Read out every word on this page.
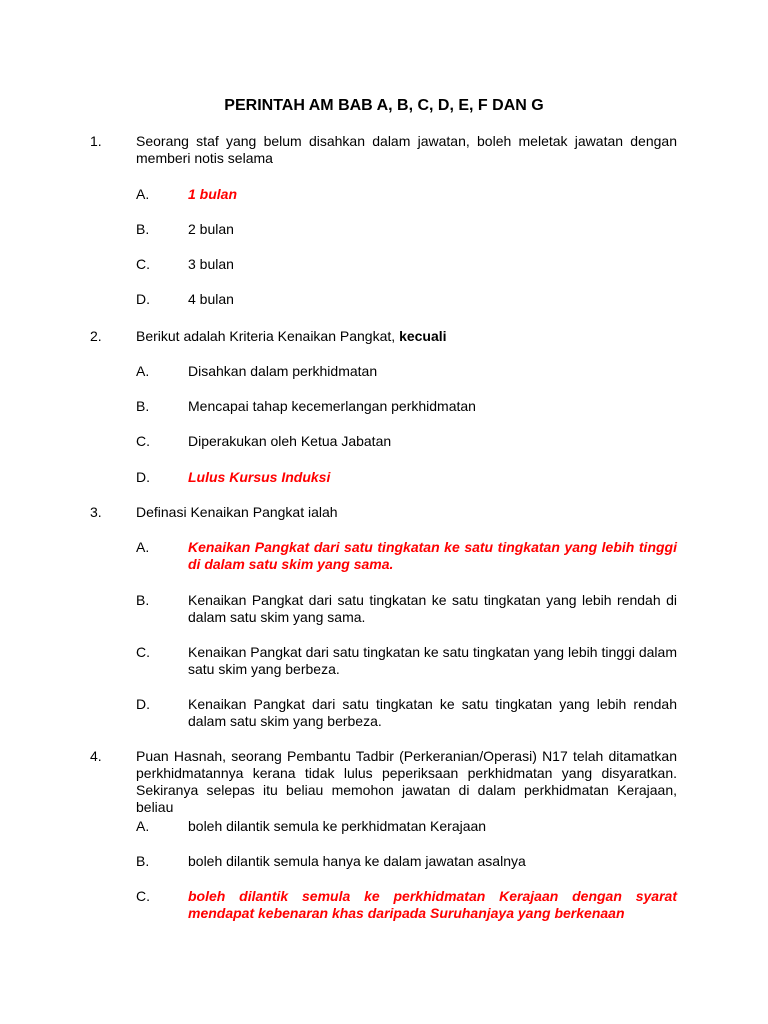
PERINTAH AM BAB A, B, C, D, E, F DAN G
1. Seorang staf yang belum disahkan dalam jawatan, boleh meletak jawatan dengan memberi notis selama
A.	1 bulan
B.	2 bulan
C.	3 bulan
D.	4 bulan
2. Berikut adalah Kriteria Kenaikan Pangkat, kecuali
A.	Disahkan dalam perkhidmatan
B.	Mencapai tahap kecemerlangan perkhidmatan
C.	Diperakukan oleh Ketua Jabatan
D.	Lulus Kursus Induksi
3. Definasi Kenaikan Pangkat ialah
A.	Kenaikan Pangkat dari satu tingkatan ke satu tingkatan yang lebih tinggi di dalam satu skim yang sama.
B.	Kenaikan Pangkat dari satu tingkatan ke satu tingkatan yang lebih rendah di dalam satu skim yang sama.
C.	Kenaikan Pangkat dari satu tingkatan ke satu tingkatan yang lebih tinggi dalam satu skim yang berbeza.
D.	Kenaikan Pangkat dari satu tingkatan ke satu tingkatan yang lebih rendah dalam satu skim yang berbeza.
4. Puan Hasnah, seorang Pembantu Tadbir (Perkeranian/Operasi) N17 telah ditamatkan perkhidmatannya kerana tidak lulus peperiksaan perkhidmatan yang disyaratkan. Sekiranya selepas itu beliau memohon jawatan di dalam perkhidmatan Kerajaan, beliau
A.	boleh dilantik semula ke perkhidmatan Kerajaan
B.	boleh dilantik semula hanya ke dalam jawatan asalnya
C.	boleh dilantik semula ke perkhidmatan Kerajaan dengan syarat mendapat kebenaran khas daripada Suruhanjaya yang berkenaan
